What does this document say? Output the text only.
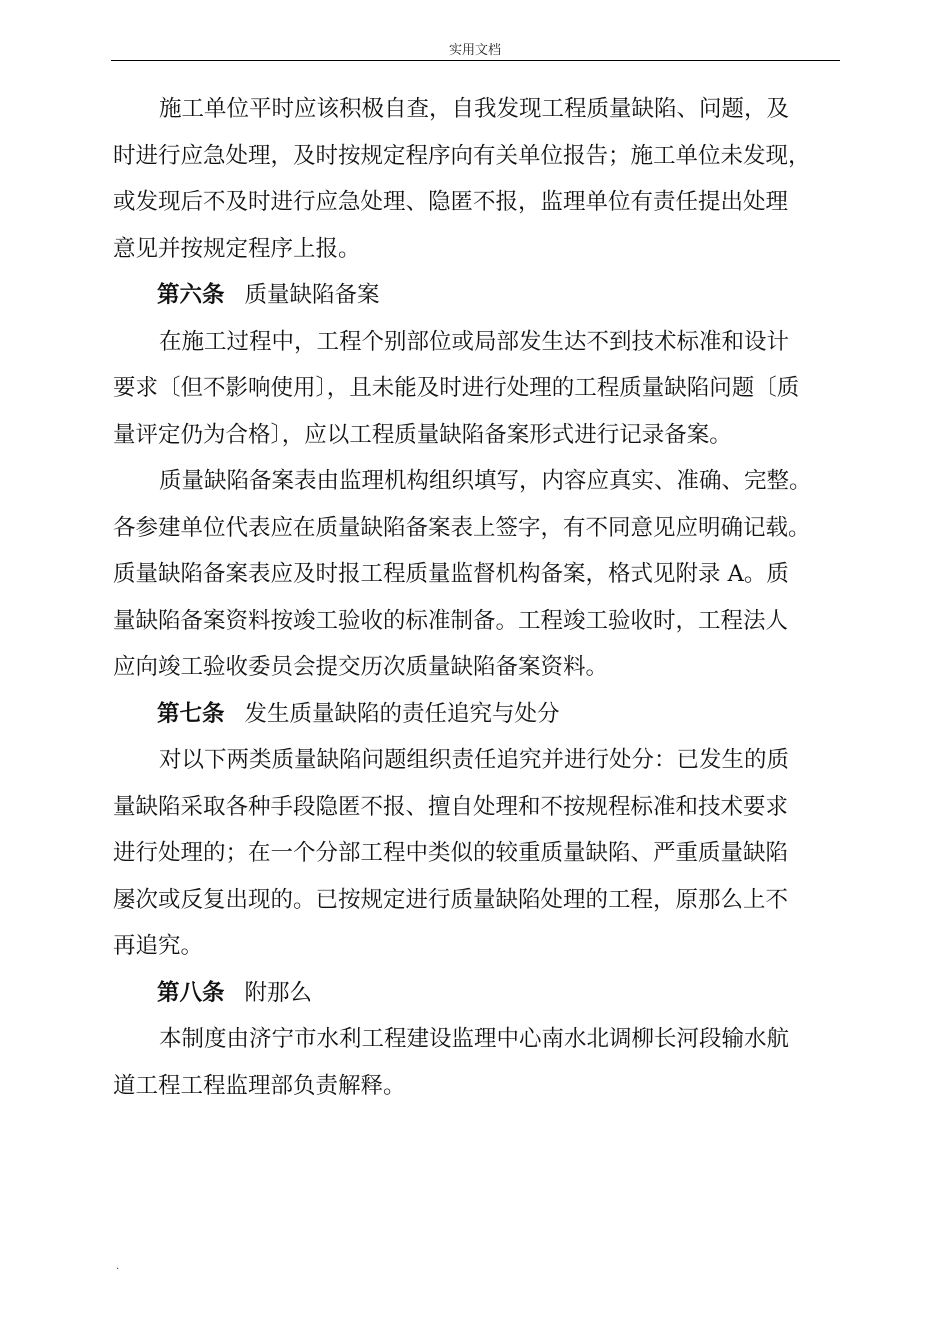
实用文档
施工单位平时应该积极自查，自我发现工程质量缺陷、问题，及
时进行应急处理，及时按规定程序向有关单位报告；施工单位未发现，
或发现后不及时进行应急处理、隐匿不报，监理单位有责任提出处理
意见并按规定程序上报。
第六条 质量缺陷备案
在施工过程中，工程个别部位或局部发生达不到技术标准和设计
要求〔但不影响使用〕，且未能及时进行处理的工程质量缺陷问题〔质
量评定仍为合格〕，应以工程质量缺陷备案形式进行记录备案。
质量缺陷备案表由监理机构组织填写，内容应真实、准确、完整。
各参建单位代表应在质量缺陷备案表上签字，有不同意见应明确记载。
质量缺陷备案表应及时报工程质量监督机构备案，格式见附录 A。质
量缺陷备案资料按竣工验收的标准制备。工程竣工验收时，工程法人
应向竣工验收委员会提交历次质量缺陷备案资料。
第七条 发生质量缺陷的责任追究与处分
对以下两类质量缺陷问题组织责任追究并进行处分：已发生的质
量缺陷采取各种手段隐匿不报、擅自处理和不按规程标准和技术要求
进行处理的；在一个分部工程中类似的较重质量缺陷、严重质量缺陷
屡次或反复出现的。已按规定进行质量缺陷处理的工程，原那么上不
再追究。
第八条 附那么
本制度由济宁市水利工程建设监理中心南水北调柳长河段输水航
道工程工程监理部负责解释。
.
